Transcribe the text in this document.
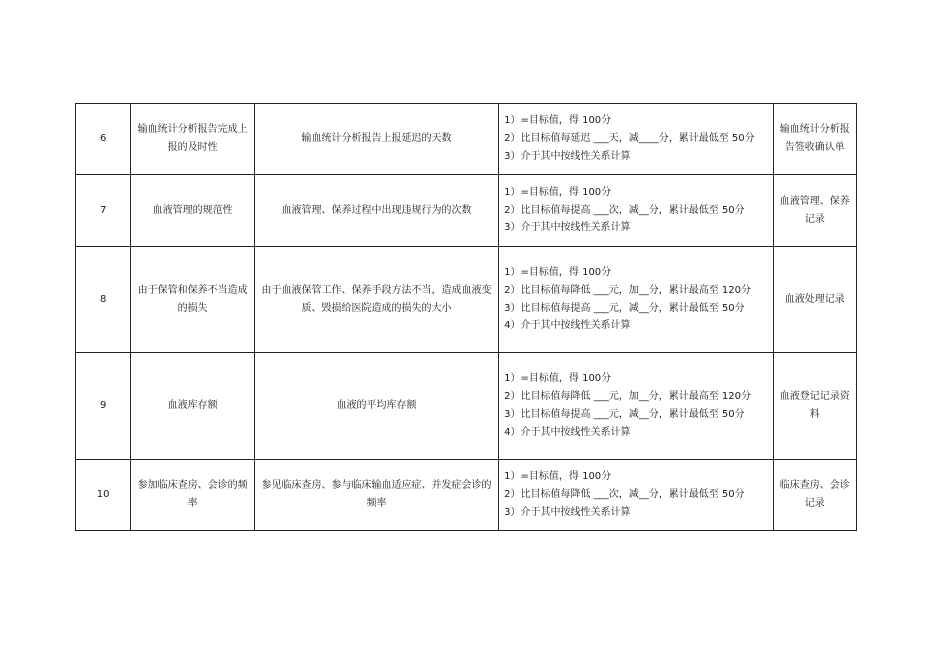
6	输血统计分析报告完成上报的及时性	输血统计分析报告上报延迟的天数	1）=目标值，得 100分
2）比目标值每延迟 ___天，减____分，累计最低至 50分
3）介于其中按线性关系计算	输血统计分析报告签收确认单
7	血液管理的规范性	血液管理、保养过程中出现违规行为的次数	1）=目标值，得 100分
2）比目标值每提高 ___次，减__分，累计最低至 50分
3）介于其中按线性关系计算	血液管理、保养记录
8	由于保管和保养不当造成的损失	由于血液保管工作、保养手段方法不当，造成血液变质、毁损给医院造成的损失的大小	1）=目标值，得 100分
2）比目标值每降低 ___元，加__分，累计最高至 120分
3）比目标值每提高 ___元，减__分，累计最低至 50分
4）介于其中按线性关系计算	血液处理记录
9	血液库存额	血液的平均库存额	1）=目标值，得 100分
2）比目标值每降低 ___元，加__分，累计最高至 120分
3）比目标值每提高 ___元，减__分，累计最低至 50分
4）介于其中按线性关系计算	血液登记记录资料
10	参加临床查房、会诊的频率	参见临床查房、参与临床输血适应症、并发症会诊的频率	1）=目标值，得 100分
2）比目标值每降低 ___次，减__分，累计最低至 50分
3）介于其中按线性关系计算	临床查房、会诊记录
